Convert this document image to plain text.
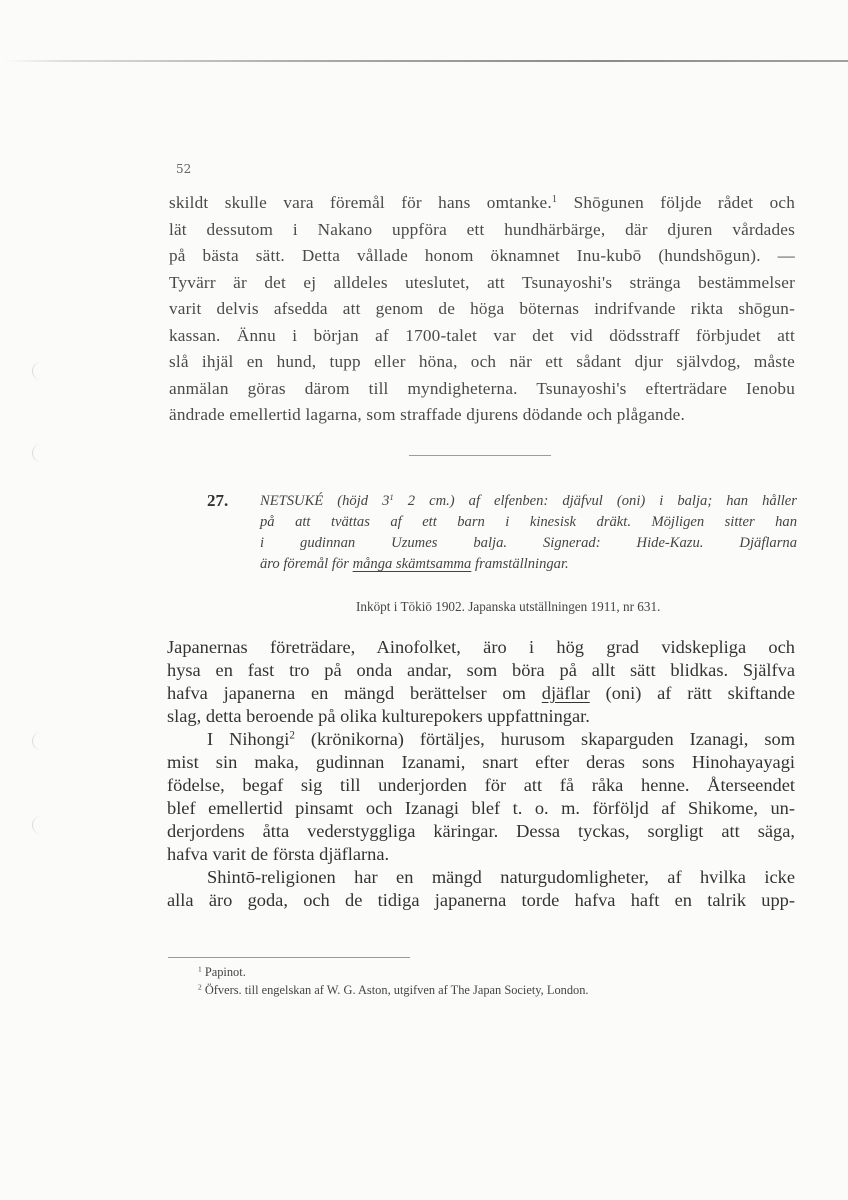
52
skildt skulle vara föremål för hans omtanke.$^1$ Shōgunen följde rådet och
lät dessutom i Nakano uppföra ett hundhärbärge, där djuren vårdades
på bästa sätt. Detta vållade honom öknamnet Inu-kubō (hundshōgun). —
Tyvärr är det ej alldeles uteslutet, att Tsunayoshi's stränga bestämmelser
varit delvis afsedda att genom de höga böternas indrifvande rikta shōgun-
kassan. Ännu i början af 1700-talet var det vid dödsstraff förbjudet att
slå ihjäl en hund, tupp eller höna, och när ett sådant djur självdog, måste
anmälan göras därom till myndigheterna. Tsunayoshi's efterträdare Ienobu
ändrade emellertid lagarna, som straffade djurens dödande och plågande.
27. NETSUKÉ (höjd $3^1$ 2 cm.) af elfenben: djäfvul (oni) i balja; han håller
på att tvättas af ett barn i kinesisk dräkt. Möjligen sitter han
i gudinnan Uzumes balja. Signerad: Hide-Kazu. Djäflarna
äro föremål för många skämtsamma framställningar.
Inköpt i Tōkiō 1902. Japanska utställningen 1911, nr 631.
Japanernas företrädare, Ainofolket, äro i hög grad vidskepliga och
hysa en fast tro på onda andar, som böra på allt sätt blidkas. Själfva
hafva japanerna en mängd berättelser om djäflar (oni) af rätt skiftande
slag, detta beroende på olika kulturepokers uppfattningar.
I Nihongi$^2$ (krönikorna) förtäljes, hurusom skaparguden Izanagi, som
mist sin maka, gudinnan Izanami, snart efter deras sons Hinohayayagi
födelse, begaf sig till underjorden för att få råka henne. Återseendet
blef emellertid pinsamt och Izanagi blef t. o. m. förföljd af Shikome, un-
derjordens åtta vederstyggliga käringar. Dessa tyckas, sorgligt att säga,
hafva varit de första djäflarna.
Shintō-religionen har en mängd naturgudomligheter, af hvilka icke
alla äro goda, och de tidiga japanerna torde hafva haft en talrik upp-
$^1$ Papinot.
$^2$ Öfvers. till engelskan af W. G. Aston, utgifven af The Japan Society, London.
